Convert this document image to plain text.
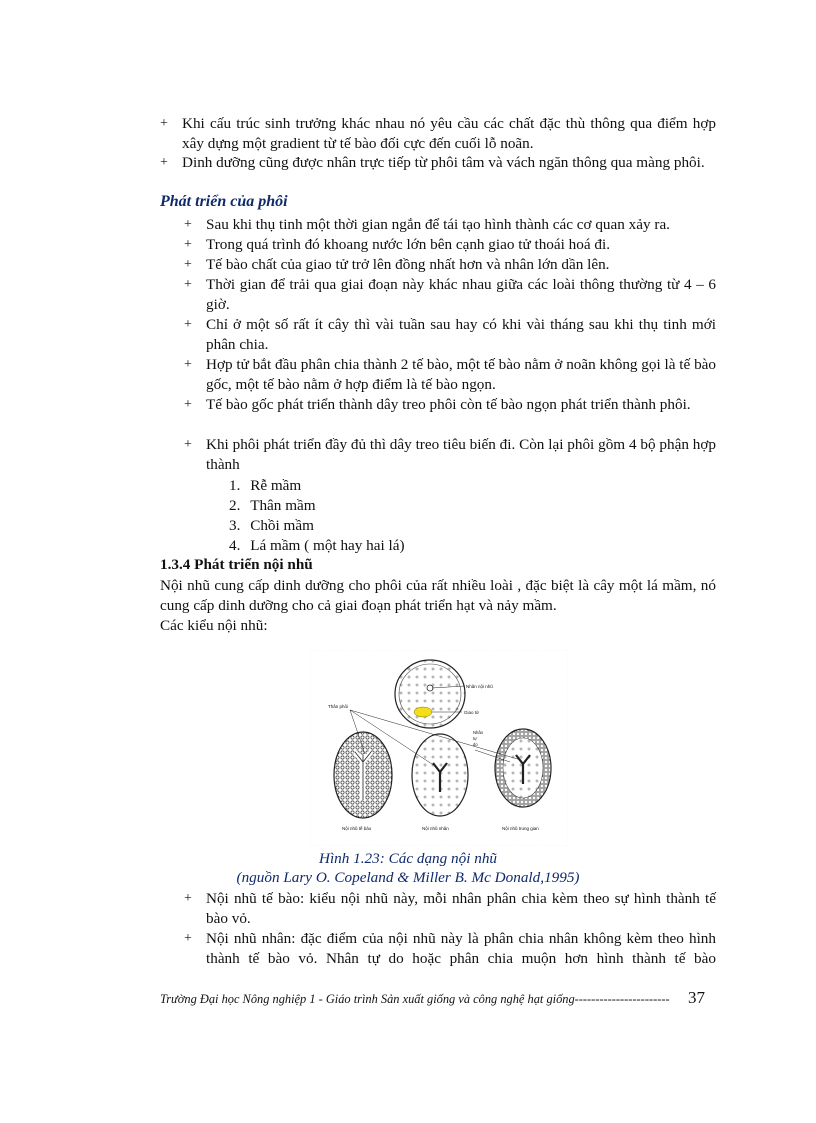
+ Khi cấu trúc sinh trưởng khác nhau nó yêu cầu các chất đặc thù thông qua điểm hợp xây dựng một gradient từ tế bào đối cực đến cuối lỗ noãn.
+ Dinh dưỡng cũng được nhân trực tiếp từ phôi tâm và vách ngăn thông qua màng phôi.
Phát triển của phôi
+ Sau khi thụ tinh một thời gian ngắn để tái tạo hình thành các cơ quan xảy ra.
+ Trong quá trình đó khoang nước lớn bên cạnh giao tử thoái hoá đi.
+ Tế bào chất của giao tử trở lên đồng nhất hơn và nhân lớn dần lên.
+ Thời gian để trải qua giai đoạn này khác nhau giữa các loài thông thường từ 4 – 6 giờ.
+ Chỉ ở một số rất ít cây thì vài tuần sau hay có khi vài tháng sau khi thụ tinh mới phân chia.
+ Hợp tử bắt đầu phân chia thành 2 tế bào, một tế bào nằm ở noãn không gọi là tế bào gốc, một tế bào nằm ở hợp điểm là tế bào ngọn.
+ Tế bào gốc phát triển thành dây treo phôi còn tế bào ngọn phát triển thành phôi.
+ Khi phôi phát triển đầy đủ thì dây treo tiêu biến đi. Còn lại phôi gồm 4 bộ phận hợp thành
1. Rễ mầm
2. Thân mầm
3. Chồi mầm
4. Lá mầm ( một hay hai lá)
1.3.4 Phát triển nội nhũ
Nội nhũ cung cấp dinh dưỡng cho phôi của rất nhiều loài , đặc biệt là cây một lá mầm, nó cung cấp dinh dưỡng cho cả giai đoạn phát triển hạt và nảy mầm.
Các kiểu nội nhũ:
Nhân nội nhũ
Thân phôi
Giao tử
Nhân
tự
do
Nội nhũ tế bào	Nội nhũ nhân	Nội nhũ trung gian
Hình 1.23: Các dạng nội nhũ
(nguồn Lary O. Copeland & Miller B. Mc Donald,1995)
+ Nội nhũ tế bào: kiểu nội nhũ này, mỗi nhân phân chia kèm theo sự hình thành tế bào vỏ.
+ Nội nhũ nhân: đặc điểm của nội nhũ này là phân chia nhân không kèm theo hình thành tế bào vỏ. Nhân tự do hoặc phân chia muộn hơn hình thành tế bào
Trường Đại học Nông nghiệp 1 - Giáo trình Sản xuất giống và công nghệ hạt giống----------------------- 37
